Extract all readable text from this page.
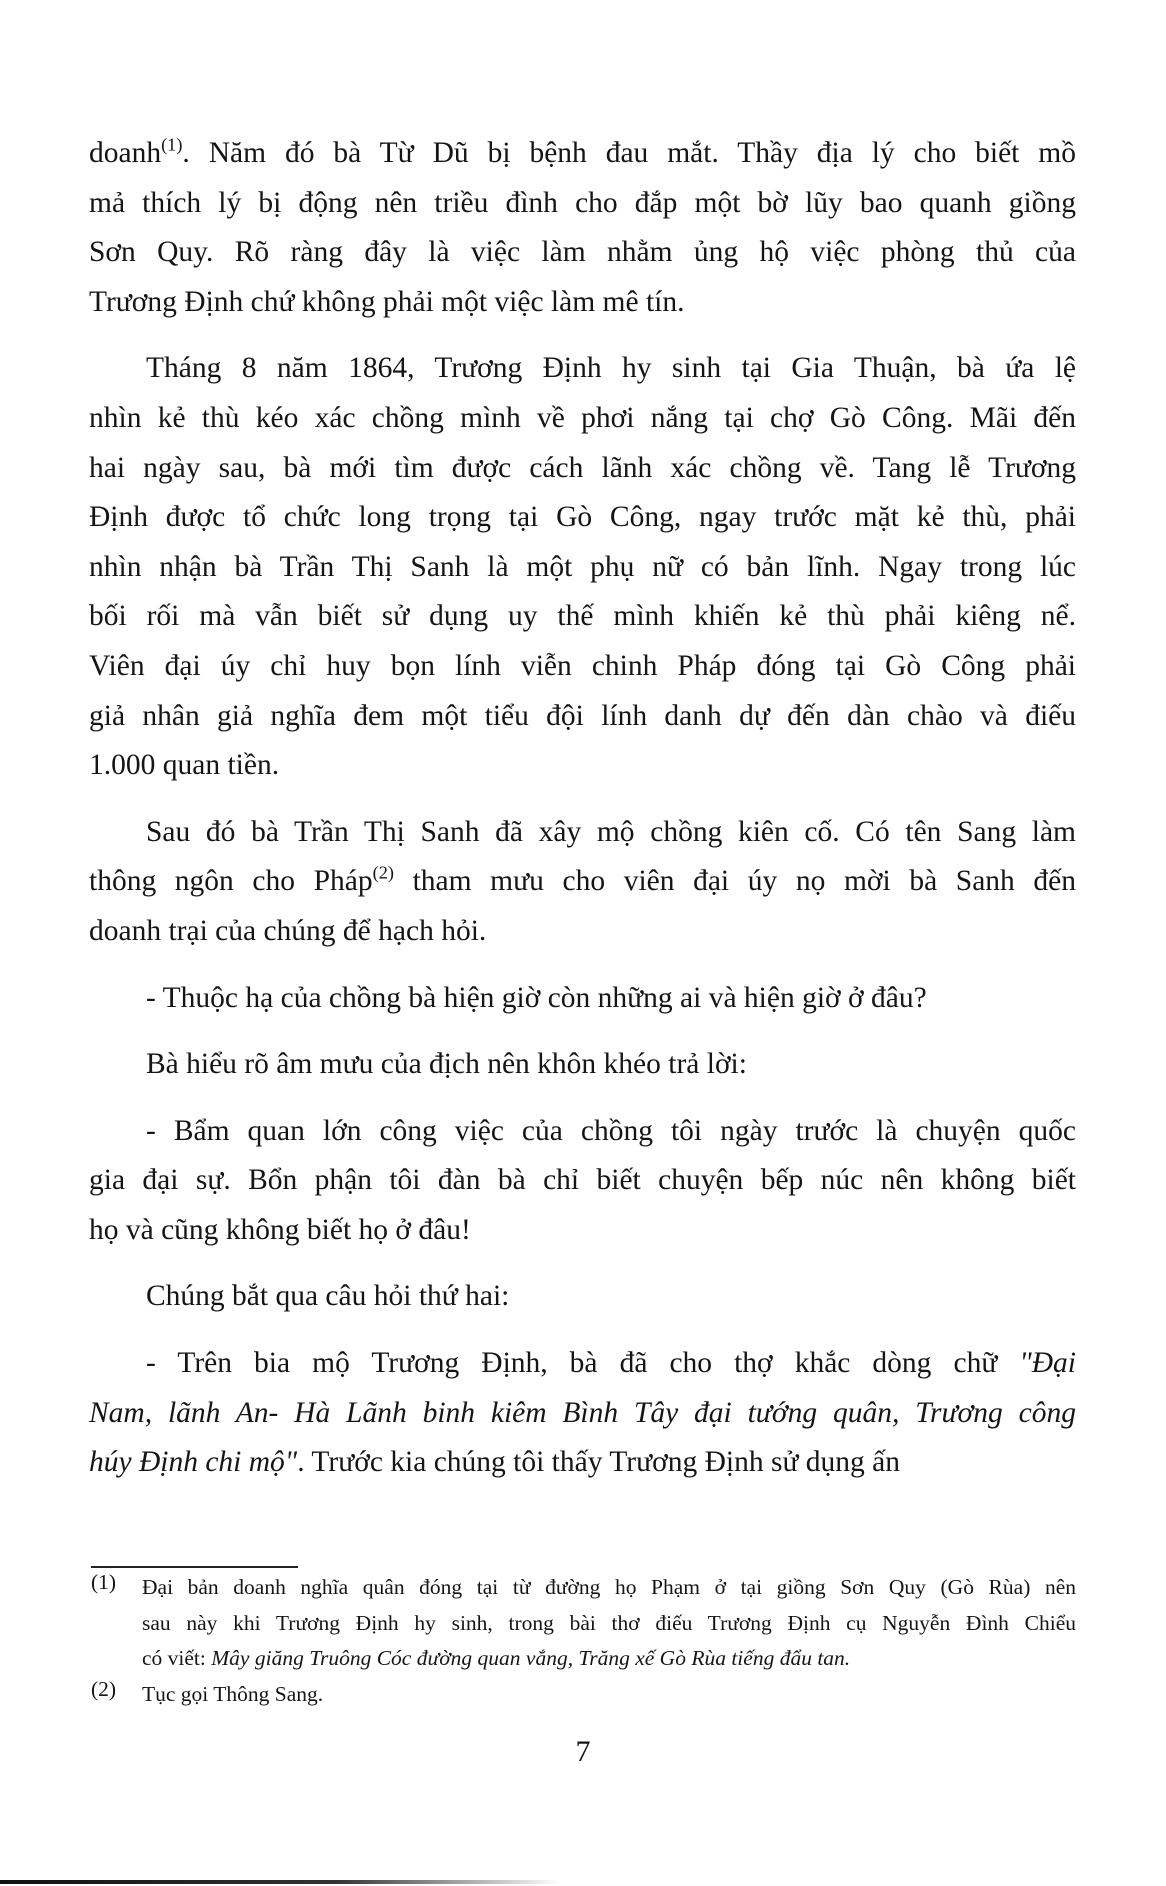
doanh$^{(1)}$. Năm đó bà Từ Dũ bị bệnh đau mắt. Thầy địa lý cho biết mồ
mả thích lý bị động nên triều đình cho đắp một bờ lũy bao quanh giồng
Sơn Quy. Rõ ràng đây là việc làm nhằm ủng hộ việc phòng thủ của
Trương Định chứ không phải một việc làm mê tín.
Tháng 8 năm 1864, Trương Định hy sinh tại Gia Thuận, bà ứa lệ
nhìn kẻ thù kéo xác chồng mình về phơi nắng tại chợ Gò Công. Mãi đến
hai ngày sau, bà mới tìm được cách lãnh xác chồng về. Tang lễ Trương
Định được tổ chức long trọng tại Gò Công, ngay trước mặt kẻ thù, phải
nhìn nhận bà Trần Thị Sanh là một phụ nữ có bản lĩnh. Ngay trong lúc
bối rối mà vẫn biết sử dụng uy thế mình khiến kẻ thù phải kiêng nể.
Viên đại úy chỉ huy bọn lính viễn chinh Pháp đóng tại Gò Công phải
giả nhân giả nghĩa đem một tiểu đội lính danh dự đến dàn chào và điếu
1.000 quan tiền.
Sau đó bà Trần Thị Sanh đã xây mộ chồng kiên cố. Có tên Sang làm
thông ngôn cho Pháp$^{(2)}$ tham mưu cho viên đại úy nọ mời bà Sanh đến
doanh trại của chúng để hạch hỏi.
- Thuộc hạ của chồng bà hiện giờ còn những ai và hiện giờ ở đâu?
Bà hiểu rõ âm mưu của địch nên khôn khéo trả lời:
- Bẩm quan lớn công việc của chồng tôi ngày trước là chuyện quốc
gia đại sự. Bổn phận tôi đàn bà chỉ biết chuyện bếp núc nên không biết
họ và cũng không biết họ ở đâu!
Chúng bắt qua câu hỏi thứ hai:
- Trên bia mộ Trương Định, bà đã cho thợ khắc dòng chữ "Đại
Nam, lãnh An- Hà Lãnh binh kiêm Bình Tây đại tướng quân, Trương công
húy Định chi mộ". Trước kia chúng tôi thấy Trương Định sử dụng ấn
(1) Đại bản doanh nghĩa quân đóng tại từ đường họ Phạm ở tại giồng Sơn Quy (Gò Rùa) nên
sau này khi Trương Định hy sinh, trong bài thơ điếu Trương Định cụ Nguyễn Đình Chiểu
có viết: Mây giăng Truông Cóc đường quan vắng, Trăng xế Gò Rùa tiếng đẩu tan.
(2) Tục gọi Thông Sang.
7
